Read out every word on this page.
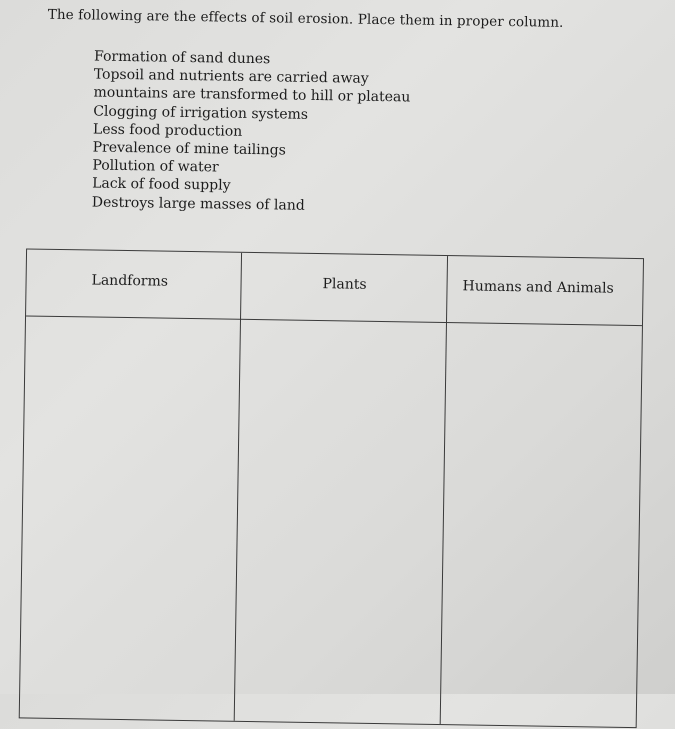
The following are the effects of soil erosion. Place them in proper column.
Formation of sand dunes
Topsoil and nutrients are carried away
mountains are transformed to hill or plateau
Clogging of irrigation systems
Less food production
Prevalence of mine tailings
Pollution of water
Lack of food supply
Destroys large masses of land
Landforms	Plants	Humans and Animals
